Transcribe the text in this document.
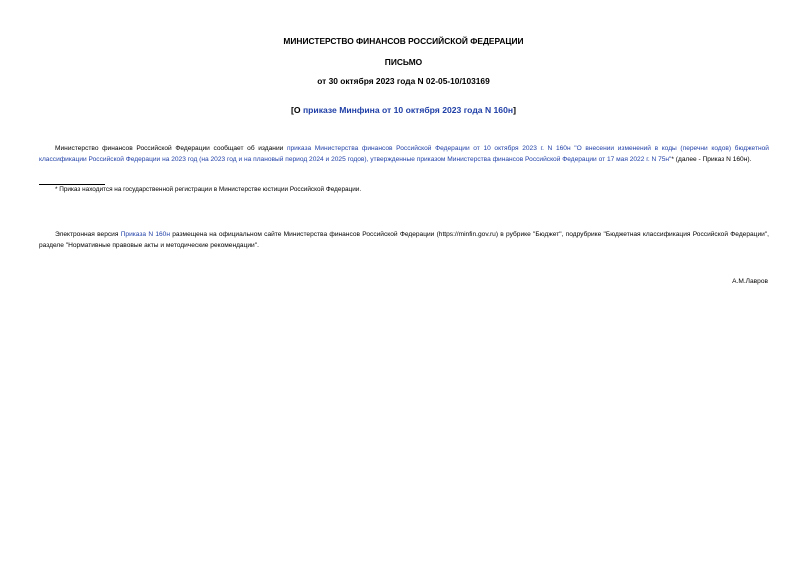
МИНИСТЕРСТВО ФИНАНСОВ РОССИЙСКОЙ ФЕДЕРАЦИИ
ПИСЬМО
от 30 октября 2023 года N 02-05-10/103169
[О приказе Минфина от 10 октября 2023 года N 160н]
Министерство финансов Российской Федерации сообщает об издании приказа Министерства финансов Российской Федерации от 10 октября 2023 г. N 160н "О внесении изменений в коды (перечни кодов) бюджетной классификации Российской Федерации на 2023 год (на 2023 год и на плановый период 2024 и 2025 годов), утвержденные приказом Министерства финансов Российской Федерации от 17 мая 2022 г. N 75н"* (далее - Приказ N 160н).
* Приказ находится на государственной регистрации в Министерстве юстиции Российской Федерации.
Электронная версия Приказа N 160н размещена на официальном сайте Министерства финансов Российской Федерации (https://minfin.gov.ru) в рубрике "Бюджет", подрубрике "Бюджетная классификация Российской Федерации", разделе "Нормативные правовые акты и методические рекомендации".
А.М.Лавров
